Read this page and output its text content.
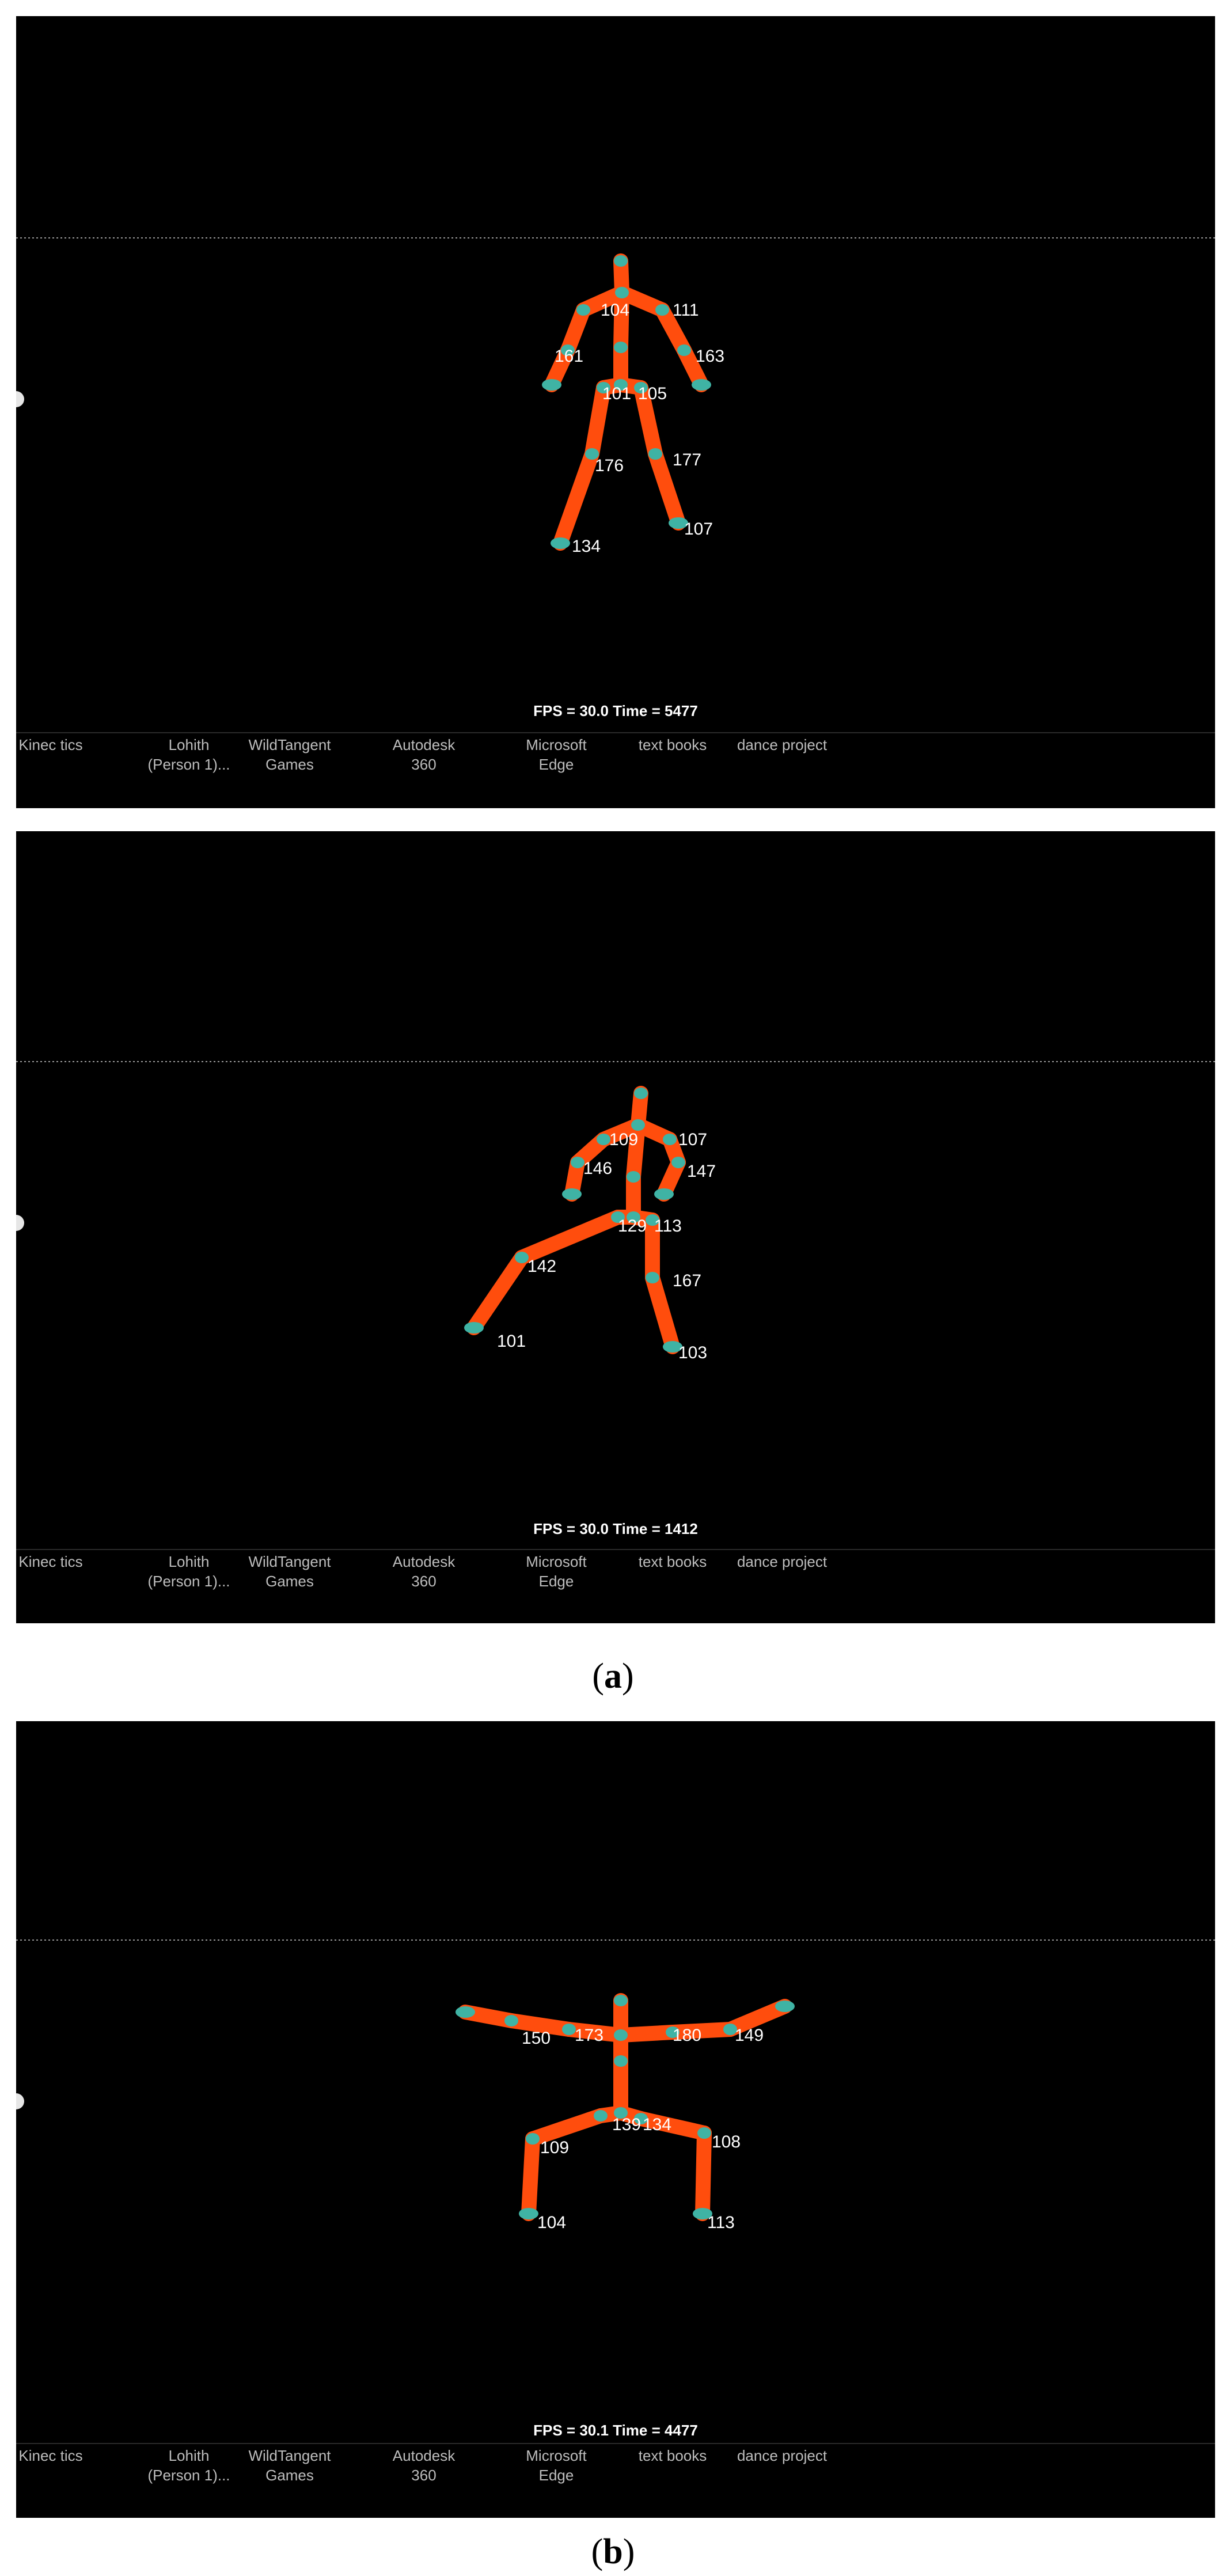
104 111
161	163
101 105
176	177
134
107
FPS = 30.0 Time = 5477
Kinec tics	Lohith
(Person 1)...
WildTangent
Games
Autodesk
360
Microsoft
Edge
text books dance project
109 107
146	147
129 113
142
167
101
103
FPS = 30.0 Time = 1412
Kinec tics	Lohith
(Person 1)...
WildTangent
Games
Autodesk
360
Microsoft
Edge
text books dance project
(a)
150 173	180 149
139 134
109	108
104	113
FPS = 30.1 Time = 4477
Kinec tics	Lohith
(Person 1)...
WildTangent
Games
Autodesk
360
Microsoft
Edge
text books dance project
(b)
